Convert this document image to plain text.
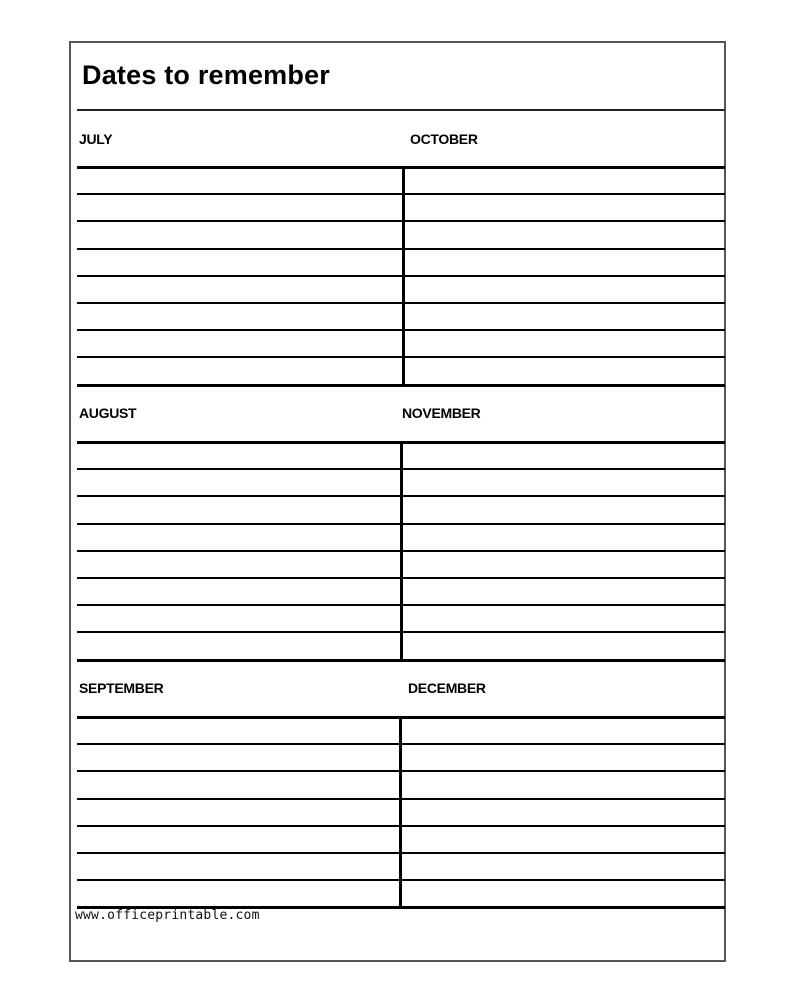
Dates to remember
JULY	OCTOBER
AUGUST	NOVEMBER
SEPTEMBER	DECEMBER
www.officeprintable.com
